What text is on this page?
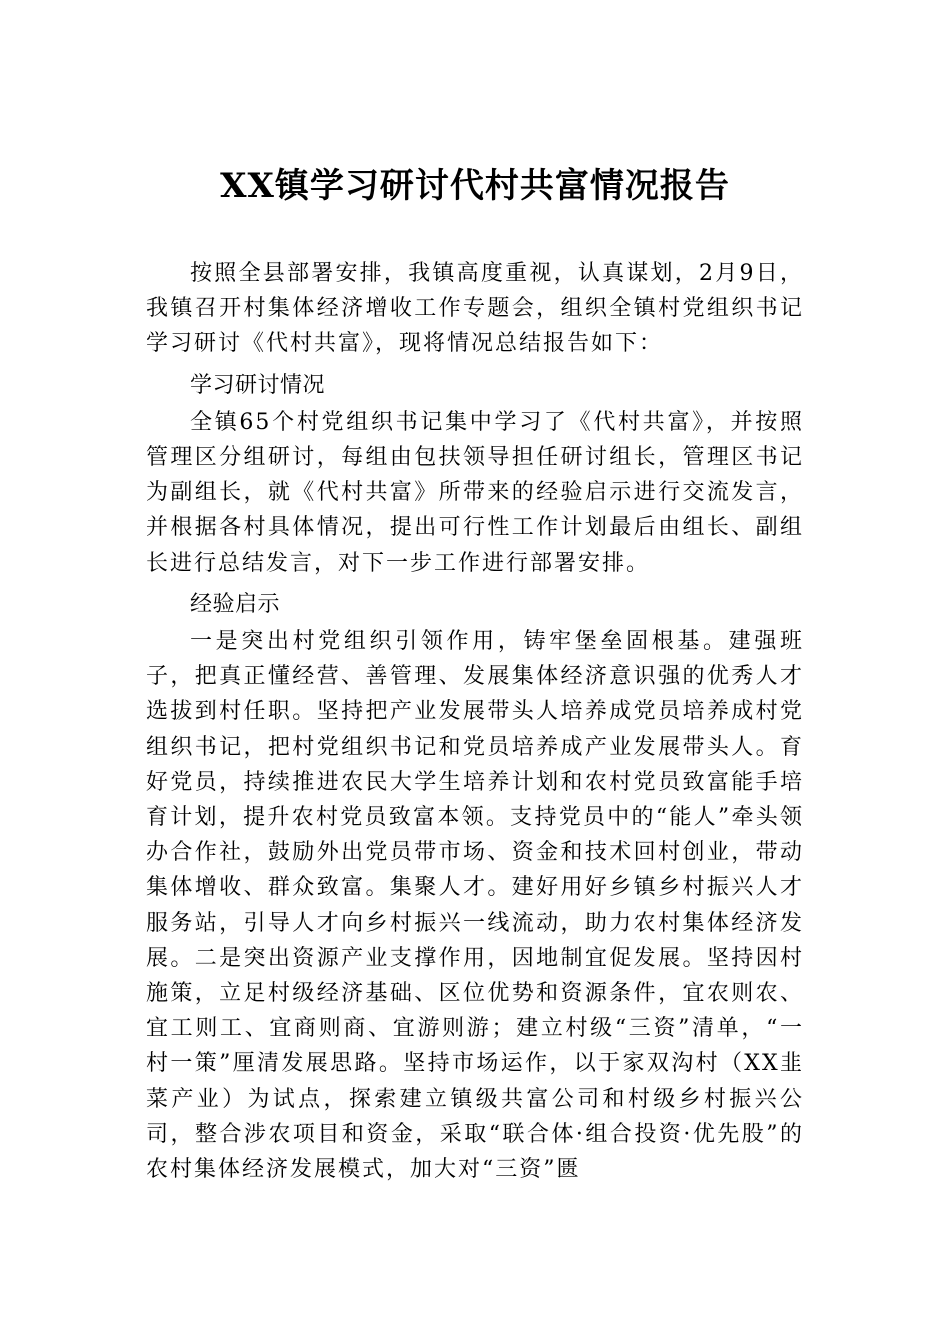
XX镇学习研讨代村共富情况报告

按照全县部署安排，我镇高度重视，认真谋划，2月9日，我镇召开村集体经济增收工作专题会，组织全镇村党组织书记学习研讨《代村共富》，现将情况总结报告如下：

学习研讨情况

全镇65个村党组织书记集中学习了《代村共富》，并按照管理区分组研讨，每组由包扶领导担任研讨组长，管理区书记为副组长，就《代村共富》所带来的经验启示进行交流发言，并根据各村具体情况，提出可行性工作计划最后由组长、副组长进行总结发言，对下一步工作进行部署安排。

经验启示

一是突出村党组织引领作用，铸牢堡垒固根基。建强班子，把真正懂经营、善管理、发展集体经济意识强的优秀人才选拔到村任职。坚持把产业发展带头人培养成党员培养成村党组织书记，把村党组织书记和党员培养成产业发展带头人。育好党员，持续推进农民大学生培养计划和农村党员致富能手培育计划，提升农村党员致富本领。支持党员中的“能人”牵头领办合作社，鼓励外出党员带市场、资金和技术回村创业，带动集体增收、群众致富。集聚人才。建好用好乡镇乡村振兴人才服务站，引导人才向乡村振兴一线流动，助力农村集体经济发展。二是突出资源产业支撑作用，因地制宜促发展。坚持因村施策，立足村级经济基础、区位优势和资源条件，宜农则农、宜工则工、宜商则商、宜游则游；建立村级“三资”清单，“一村一策”厘清发展思路。坚持市场运作，以于家双沟村（XX韭菜产业）为试点，探索建立镇级共富公司和村级乡村振兴公司，整合涉农项目和资金，采取“联合体·组合投资·优先股”的农村集体经济发展模式，加大对“三资”匮
